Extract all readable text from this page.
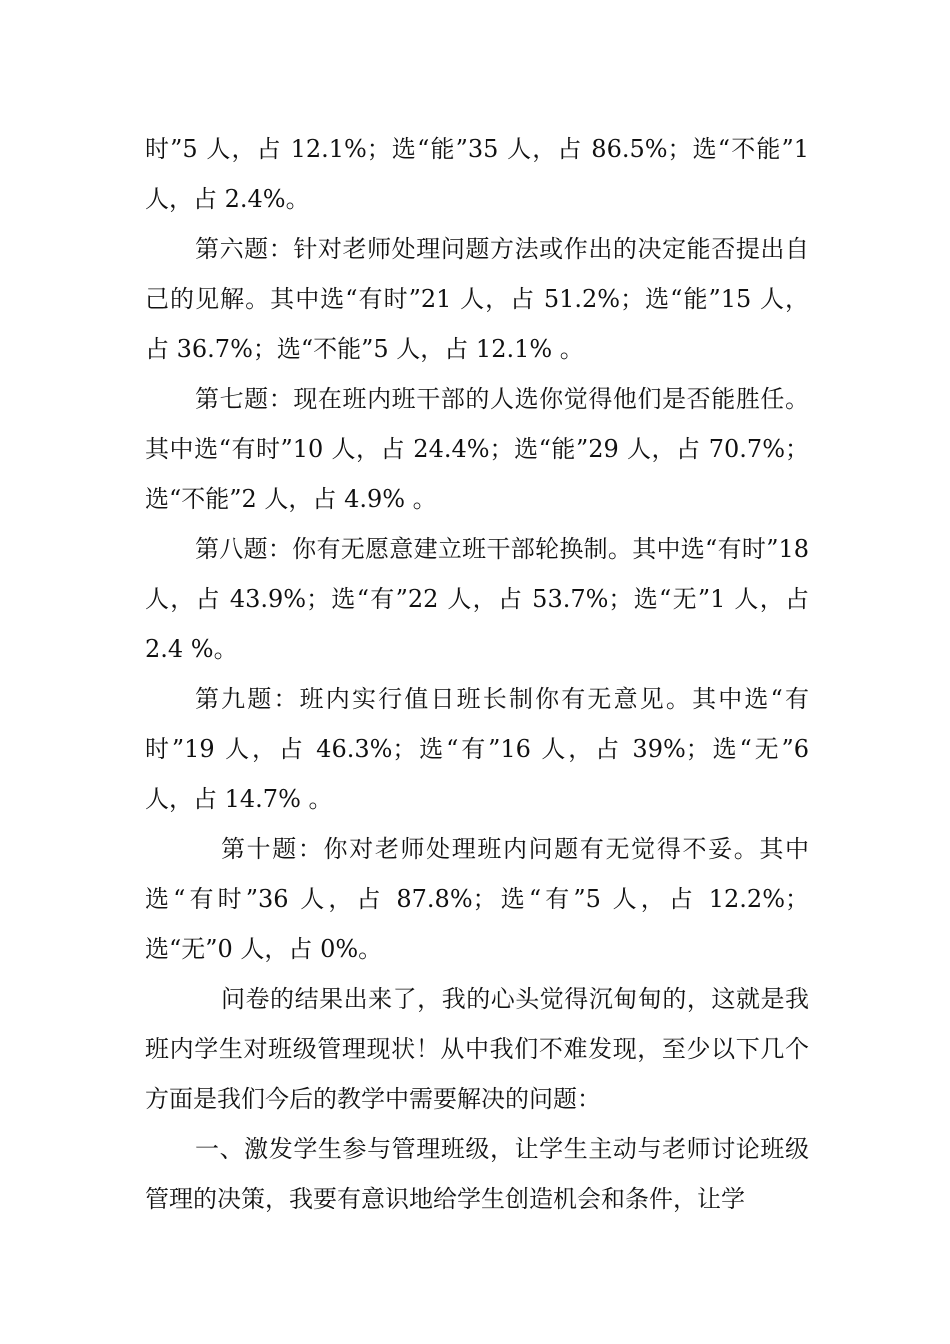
时”5 人，占 12.1%；选“能”35 人，占 86.5%；选“不能”1 人，占 2.4%。

第六题：针对老师处理问题方法或作出的决定能否提出自己的见解。其中选“有时”21 人，占 51.2%；选“能”15 人，占 36.7%；选“不能”5 人，占 12.1% 。

第七题：现在班内班干部的人选你觉得他们是否能胜任。其中选“有时”10 人，占 24.4%；选“能”29 人，占 70.7%；选“不能”2 人，占 4.9% 。

第八题：你有无愿意建立班干部轮换制。其中选“有时”18 人，占 43.9%；选“有”22 人，占 53.7%；选“无”1 人，占 2.4 %。

第九题：班内实行值日班长制你有无意见。其中选“有时”19 人，占 46.3%；选“有”16 人，占 39%；选“无”6 人，占 14.7% 。

第十题：你对老师处理班内问题有无觉得不妥。其中选“有时”36 人，占 87.8%；选“有”5 人，占 12.2%；选“无”0 人，占 0%。

问卷的结果出来了，我的心头觉得沉甸甸的，这就是我班内学生对班级管理现状！从中我们不难发现，至少以下几个方面是我们今后的教学中需要解决的问题：

一、激发学生参与管理班级，让学生主动与老师讨论班级管理的决策，我要有意识地给学生创造机会和条件，让学
